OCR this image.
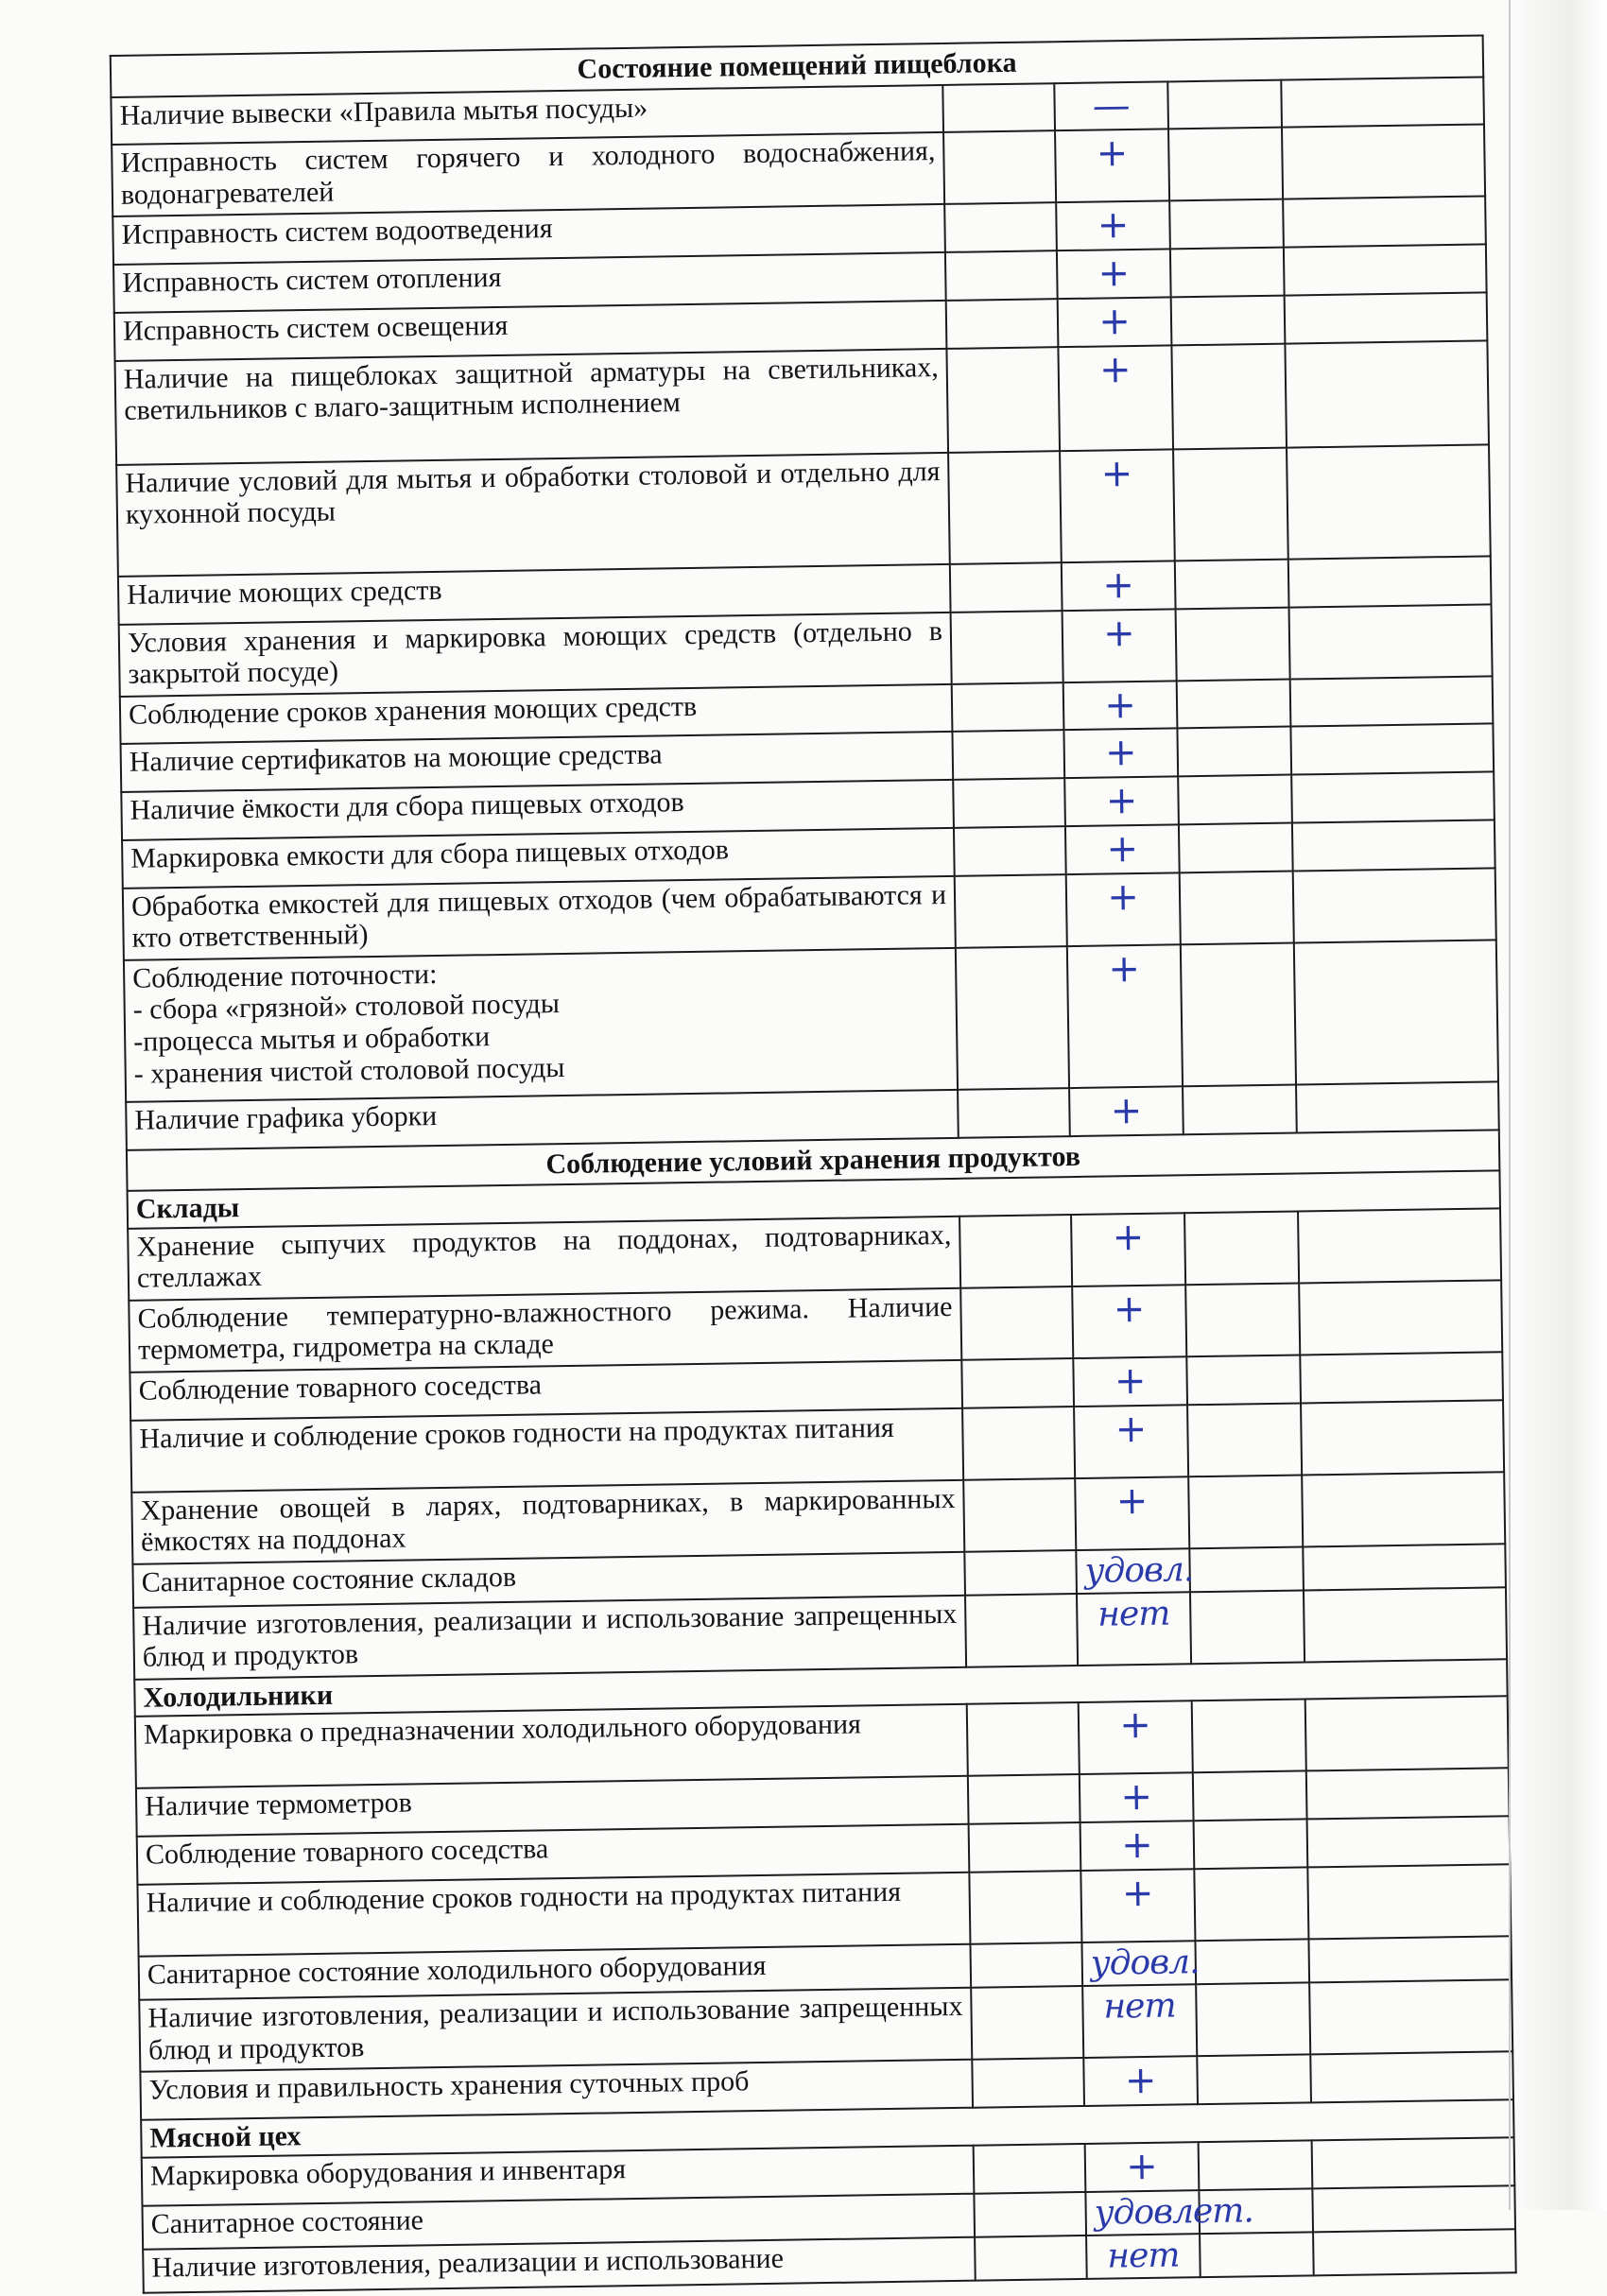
Состояние помещений пищеблока				
Наличие вывески «Правила мытья посуды»		—		
Исправность систем горячего и холодного водоснабжения, водонагревателей		+		
Исправность систем водоотведения		+		
Исправность систем отопления		+		
Исправность систем освещения		+		
Наличие на пищеблоках защитной арматуры на светильниках, светильников с влаго-защитным исполнением		+		
Наличие условий для мытья и обработки столовой и отдельно для кухонной посуды		+		
Наличие моющих средств		+		
Условия хранения и маркировка моющих средств (отдельно в закрытой посуде)		+		
Соблюдение сроков хранения моющих средств		+		
Наличие сертификатов на моющие средства		+		
Наличие ёмкости для сбора пищевых отходов		+		
Маркировка емкости для сбора пищевых отходов		+		
Обработка емкостей для пищевых отходов (чем обрабатываются и кто ответственный)		+		
Соблюдение поточности:
- сбора «грязной» столовой посуды
-процесса мытья и обработки
- хранения чистой столовой посуды		+		
Наличие графика уборки		+		
Соблюдение условий хранения продуктов				
Склады				
Хранение сыпучих продуктов на поддонах, подтоварниках, стеллажах		+		
Соблюдение температурно-влажностного режима. Наличие термометра, гидрометра на складе		+		
Соблюдение товарного соседства		+		
Наличие и соблюдение сроков годности на продуктах питания		+		
Хранение овощей в ларях, подтоварниках, в маркированных ёмкостях на поддонах		+		
Санитарное состояние складов		удовл.		
Наличие изготовления, реализации и использование запрещенных блюд и продуктов		нет		
Холодильники				
Маркировка о предназначении холодильного оборудования		+		
Наличие термометров		+		
Соблюдение товарного соседства		+		
Наличие и соблюдение сроков годности на продуктах питания		+		
Санитарное состояние холодильного оборудования		удовл.		
Наличие изготовления, реализации и использование запрещенных блюд и продуктов		нет		
Условия и правильность хранения суточных проб		+		
Мясной цех				
Маркировка оборудования и инвентаря		+		
Санитарное состояние		удовлет.		
Наличие изготовления, реализации и использование		нет		
